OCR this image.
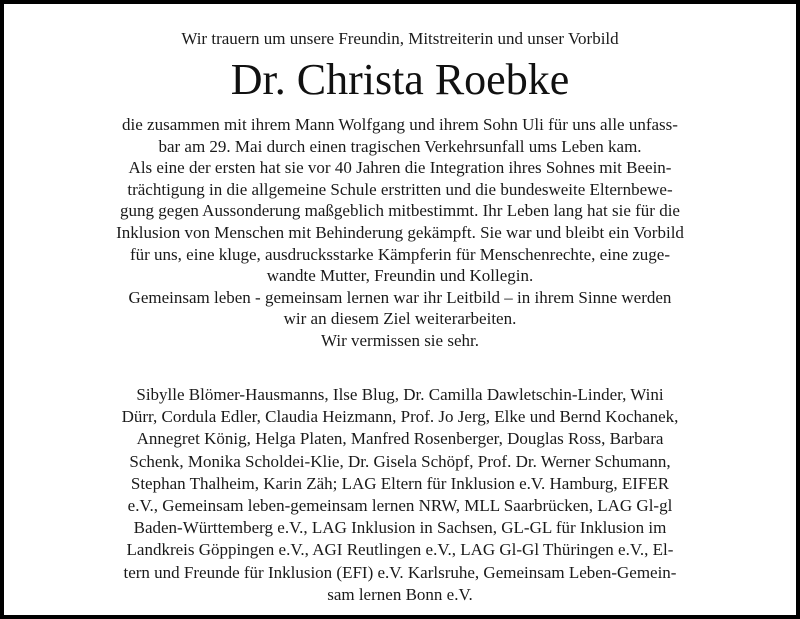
Wir trauern um unsere Freundin, Mitstreiterin und unser Vorbild
Dr. Christa Roebke
die zusammen mit ihrem Mann Wolfgang und ihrem Sohn Uli für uns alle unfass-
bar am 29. Mai durch einen tragischen Verkehrsunfall ums Leben kam.
Als eine der ersten hat sie vor 40 Jahren die Integration ihres Sohnes mit Beein-
trächtigung in die allgemeine Schule erstritten und die bundesweite Elternbewe-
gung gegen Aussonderung maßgeblich mitbestimmt. Ihr Leben lang hat sie für die
Inklusion von Menschen mit Behinderung gekämpft. Sie war und bleibt ein Vorbild
für uns, eine kluge, ausdrucksstarke Kämpferin für Menschenrechte, eine zuge-
wandte Mutter, Freundin und Kollegin.
Gemeinsam leben - gemeinsam lernen war ihr Leitbild – in ihrem Sinne werden
wir an diesem Ziel weiterarbeiten.
Wir vermissen sie sehr.
Sibylle Blömer-Hausmanns, Ilse Blug, Dr. Camilla Dawletschin-Linder, Wini
Dürr, Cordula Edler, Claudia Heizmann, Prof. Jo Jerg, Elke und Bernd Kochanek,
Annegret König, Helga Platen, Manfred Rosenberger, Douglas Ross, Barbara
Schenk, Monika Scholdei-Klie, Dr. Gisela Schöpf, Prof. Dr. Werner Schumann,
Stephan Thalheim, Karin Zäh; LAG Eltern für Inklusion e.V. Hamburg, EIFER
e.V., Gemeinsam leben-gemeinsam lernen NRW, MLL Saarbrücken, LAG Gl-gl
Baden-Württemberg e.V., LAG Inklusion in Sachsen, GL-GL für Inklusion im
Landkreis Göppingen e.V., AGI Reutlingen e.V., LAG Gl-Gl Thüringen e.V., El-
tern und Freunde für Inklusion (EFI) e.V. Karlsruhe, Gemeinsam Leben-Gemein-
sam lernen Bonn e.V.
